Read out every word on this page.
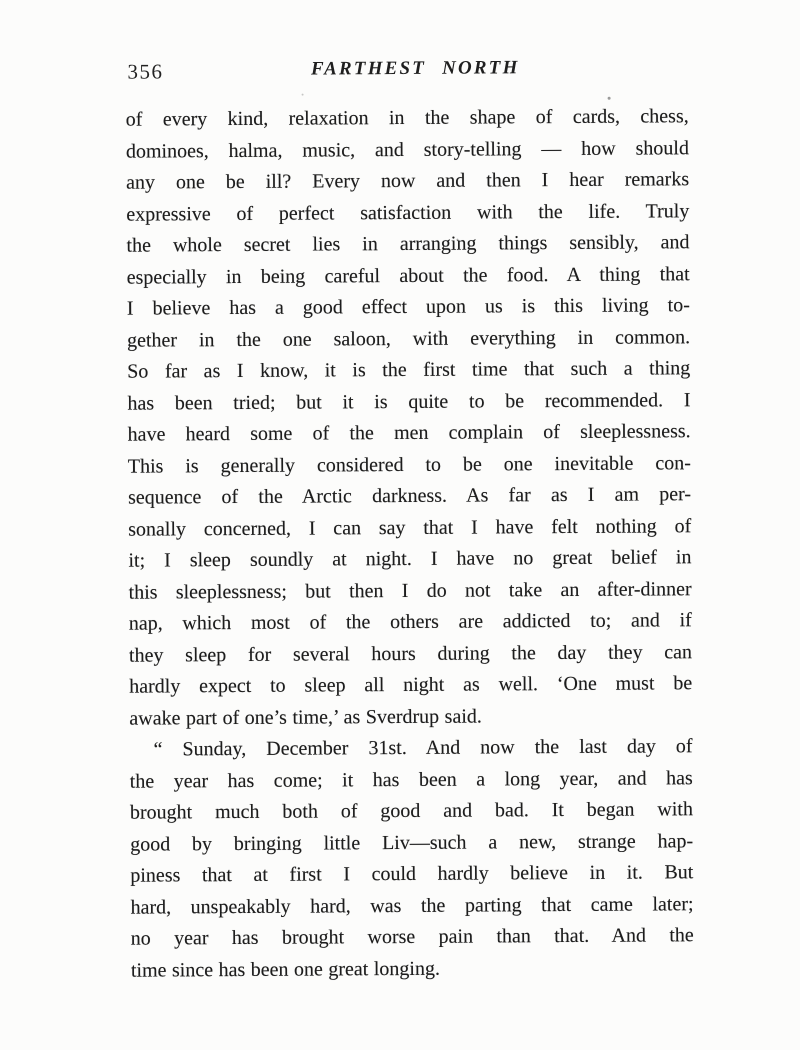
356	FARTHEST NORTH
of every kind, relaxation in the shape of cards, chess,
dominoes, halma, music, and story-telling — how should
any one be ill? Every now and then I hear remarks
expressive of perfect satisfaction with the life. Truly
the whole secret lies in arranging things sensibly, and
especially in being careful about the food. A thing that
I believe has a good effect upon us is this living to-
gether in the one saloon, with everything in common.
So far as I know, it is the first time that such a thing
has been tried; but it is quite to be recommended. I
have heard some of the men complain of sleeplessness.
This is generally considered to be one inevitable con-
sequence of the Arctic darkness. As far as I am per-
sonally concerned, I can say that I have felt nothing of
it; I sleep soundly at night. I have no great belief in
this sleeplessness; but then I do not take an after-dinner
nap, which most of the others are addicted to; and if
they sleep for several hours during the day they can
hardly expect to sleep all night as well. ‘One must be
awake part of one’s time,’ as Sverdrup said.
“ Sunday, December 31st. And now the last day of
the year has come; it has been a long year, and has
brought much both of good and bad. It began with
good by bringing little Liv—such a new, strange hap-
piness that at first I could hardly believe in it. But
hard, unspeakably hard, was the parting that came later;
no year has brought worse pain than that. And the
time since has been one great longing.
